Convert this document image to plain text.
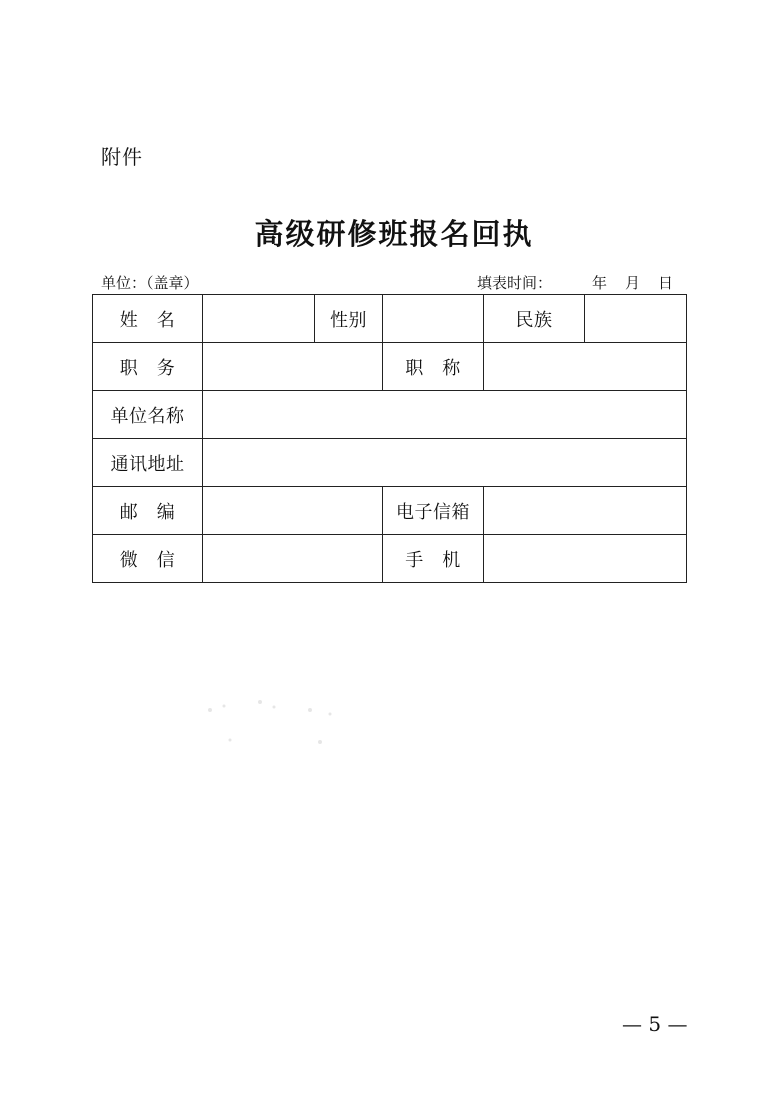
附件
高级研修班报名回执
单位：（盖章）	填表时间：	年 月 日
姓　名		性别		民族	
职　务			职　称		
单位名称					
通讯地址					
邮　编			电子信箱		
微　信			手　机		
— 5 —
